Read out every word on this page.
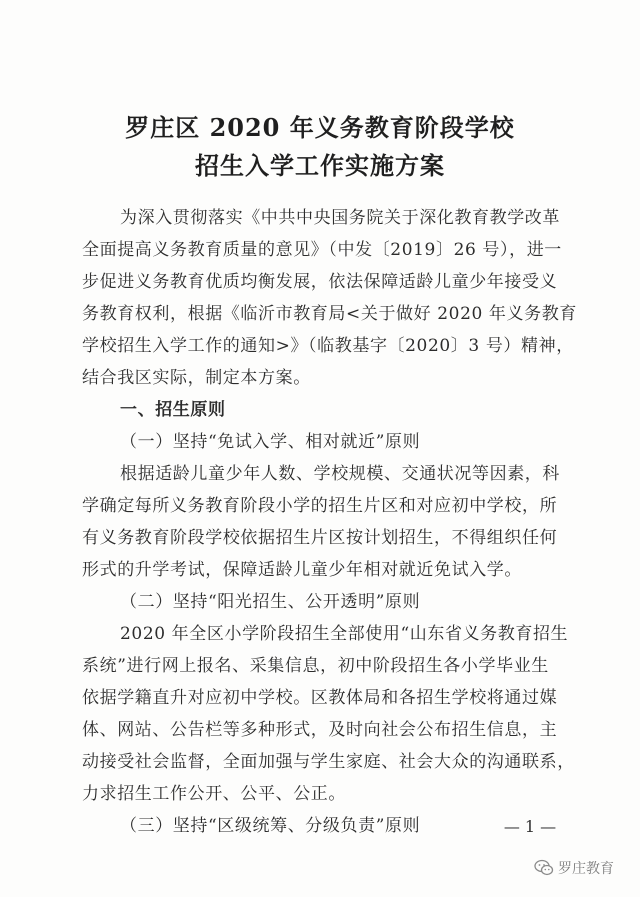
罗庄区 2020 年义务教育阶段学校
招生入学工作实施方案
为深入贯彻落实《中共中央国务院关于深化教育教学改革
全面提高义务教育质量的意见》（中发〔2019〕26 号），进一
步促进义务教育优质均衡发展，依法保障适龄儿童少年接受义
务教育权利，根据《临沂市教育局<关于做好 2020 年义务教育
学校招生入学工作的通知>》（临教基字〔2020〕3 号）精神，
结合我区实际，制定本方案。
一、招生原则
（一）坚持“免试入学、相对就近”原则
根据适龄儿童少年人数、学校规模、交通状况等因素，科
学确定每所义务教育阶段小学的招生片区和对应初中学校，所
有义务教育阶段学校依据招生片区按计划招生，不得组织任何
形式的升学考试，保障适龄儿童少年相对就近免试入学。
（二）坚持“阳光招生、公开透明”原则
2020 年全区小学阶段招生全部使用“山东省义务教育招生
系统”进行网上报名、采集信息，初中阶段招生各小学毕业生
依据学籍直升对应初中学校。区教体局和各招生学校将通过媒
体、网站、公告栏等多种形式，及时向社会公布招生信息，主
动接受社会监督，全面加强与学生家庭、社会大众的沟通联系，
力求招生工作公开、公平、公正。
（三）坚持“区级统筹、分级负责”原则	— 1 —
罗庄教育
